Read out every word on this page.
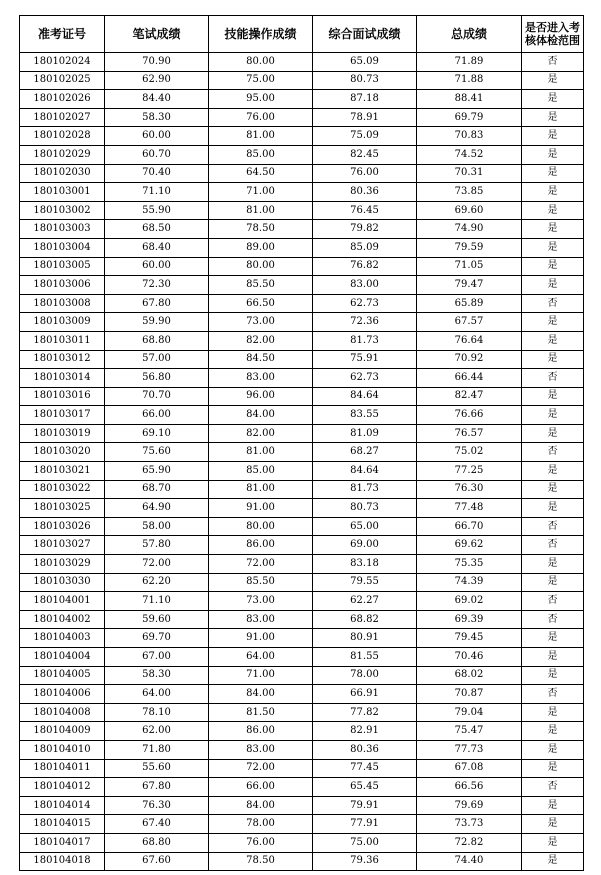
准考证号	笔试成绩	技能操作成绩	综合面试成绩	总成绩	是否进入考核体检范围
180102024	70.90	80.00	65.09	71.89	否
180102025	62.90	75.00	80.73	71.88	是
180102026	84.40	95.00	87.18	88.41	是
180102027	58.30	76.00	78.91	69.79	是
180102028	60.00	81.00	75.09	70.83	是
180102029	60.70	85.00	82.45	74.52	是
180102030	70.40	64.50	76.00	70.31	是
180103001	71.10	71.00	80.36	73.85	是
180103002	55.90	81.00	76.45	69.60	是
180103003	68.50	78.50	79.82	74.90	是
180103004	68.40	89.00	85.09	79.59	是
180103005	60.00	80.00	76.82	71.05	是
180103006	72.30	85.50	83.00	79.47	是
180103008	67.80	66.50	62.73	65.89	否
180103009	59.90	73.00	72.36	67.57	是
180103011	68.80	82.00	81.73	76.64	是
180103012	57.00	84.50	75.91	70.92	是
180103014	56.80	83.00	62.73	66.44	否
180103016	70.70	96.00	84.64	82.47	是
180103017	66.00	84.00	83.55	76.66	是
180103019	69.10	82.00	81.09	76.57	是
180103020	75.60	81.00	68.27	75.02	否
180103021	65.90	85.00	84.64	77.25	是
180103022	68.70	81.00	81.73	76.30	是
180103025	64.90	91.00	80.73	77.48	是
180103026	58.00	80.00	65.00	66.70	否
180103027	57.80	86.00	69.00	69.62	否
180103029	72.00	72.00	83.18	75.35	是
180103030	62.20	85.50	79.55	74.39	是
180104001	71.10	73.00	62.27	69.02	否
180104002	59.60	83.00	68.82	69.39	否
180104003	69.70	91.00	80.91	79.45	是
180104004	67.00	64.00	81.55	70.46	是
180104005	58.30	71.00	78.00	68.02	是
180104006	64.00	84.00	66.91	70.87	否
180104008	78.10	81.50	77.82	79.04	是
180104009	62.00	86.00	82.91	75.47	是
180104010	71.80	83.00	80.36	77.73	是
180104011	55.60	72.00	77.45	67.08	是
180104012	67.80	66.00	65.45	66.56	否
180104014	76.30	84.00	79.91	79.69	是
180104015	67.40	78.00	77.91	73.73	是
180104017	68.80	76.00	75.00	72.82	是
180104018	67.60	78.50	79.36	74.40	是
